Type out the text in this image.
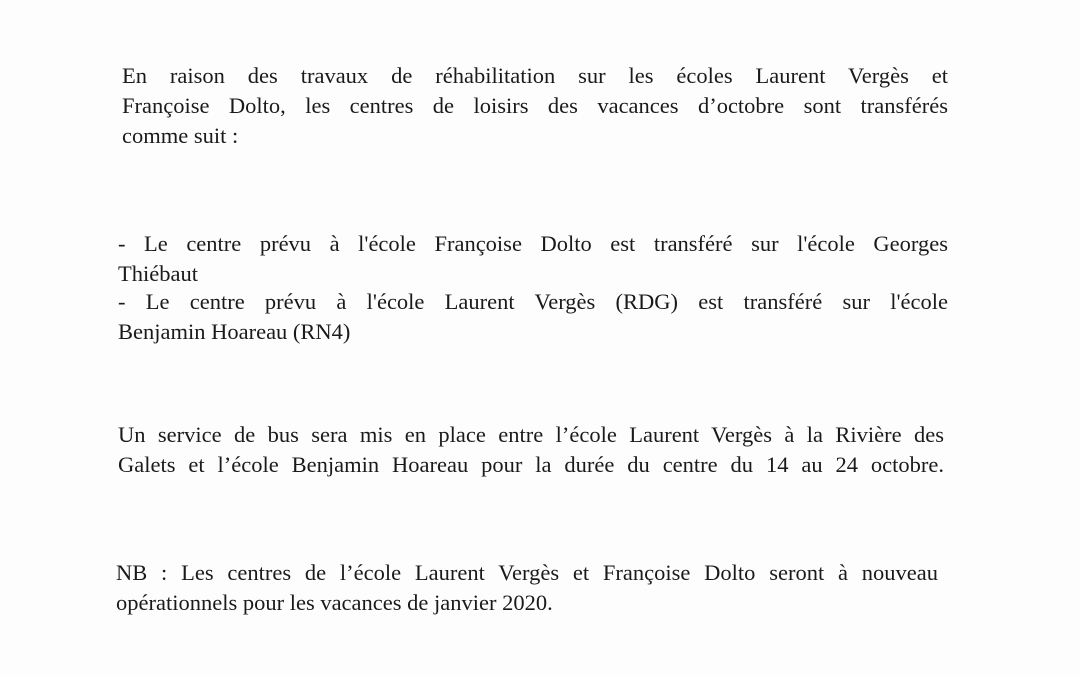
En raison des travaux de réhabilitation sur les écoles Laurent Vergès et
Françoise Dolto, les centres de loisirs des vacances d’octobre sont transférés
comme suit :

- Le centre prévu à l'école Françoise Dolto est transféré sur l'école Georges
Thiébaut

- Le centre prévu à l'école Laurent Vergès (RDG) est transféré sur l'école
Benjamin Hoareau (RN4)

Un service de bus sera mis en place entre l’école Laurent Vergès à la Rivière des
Galets et l’école Benjamin Hoareau pour la durée du centre du 14 au 24 octobre.

NB : Les centres de l’école Laurent Vergès et Françoise Dolto seront à nouveau
opérationnels pour les vacances de janvier 2020.
